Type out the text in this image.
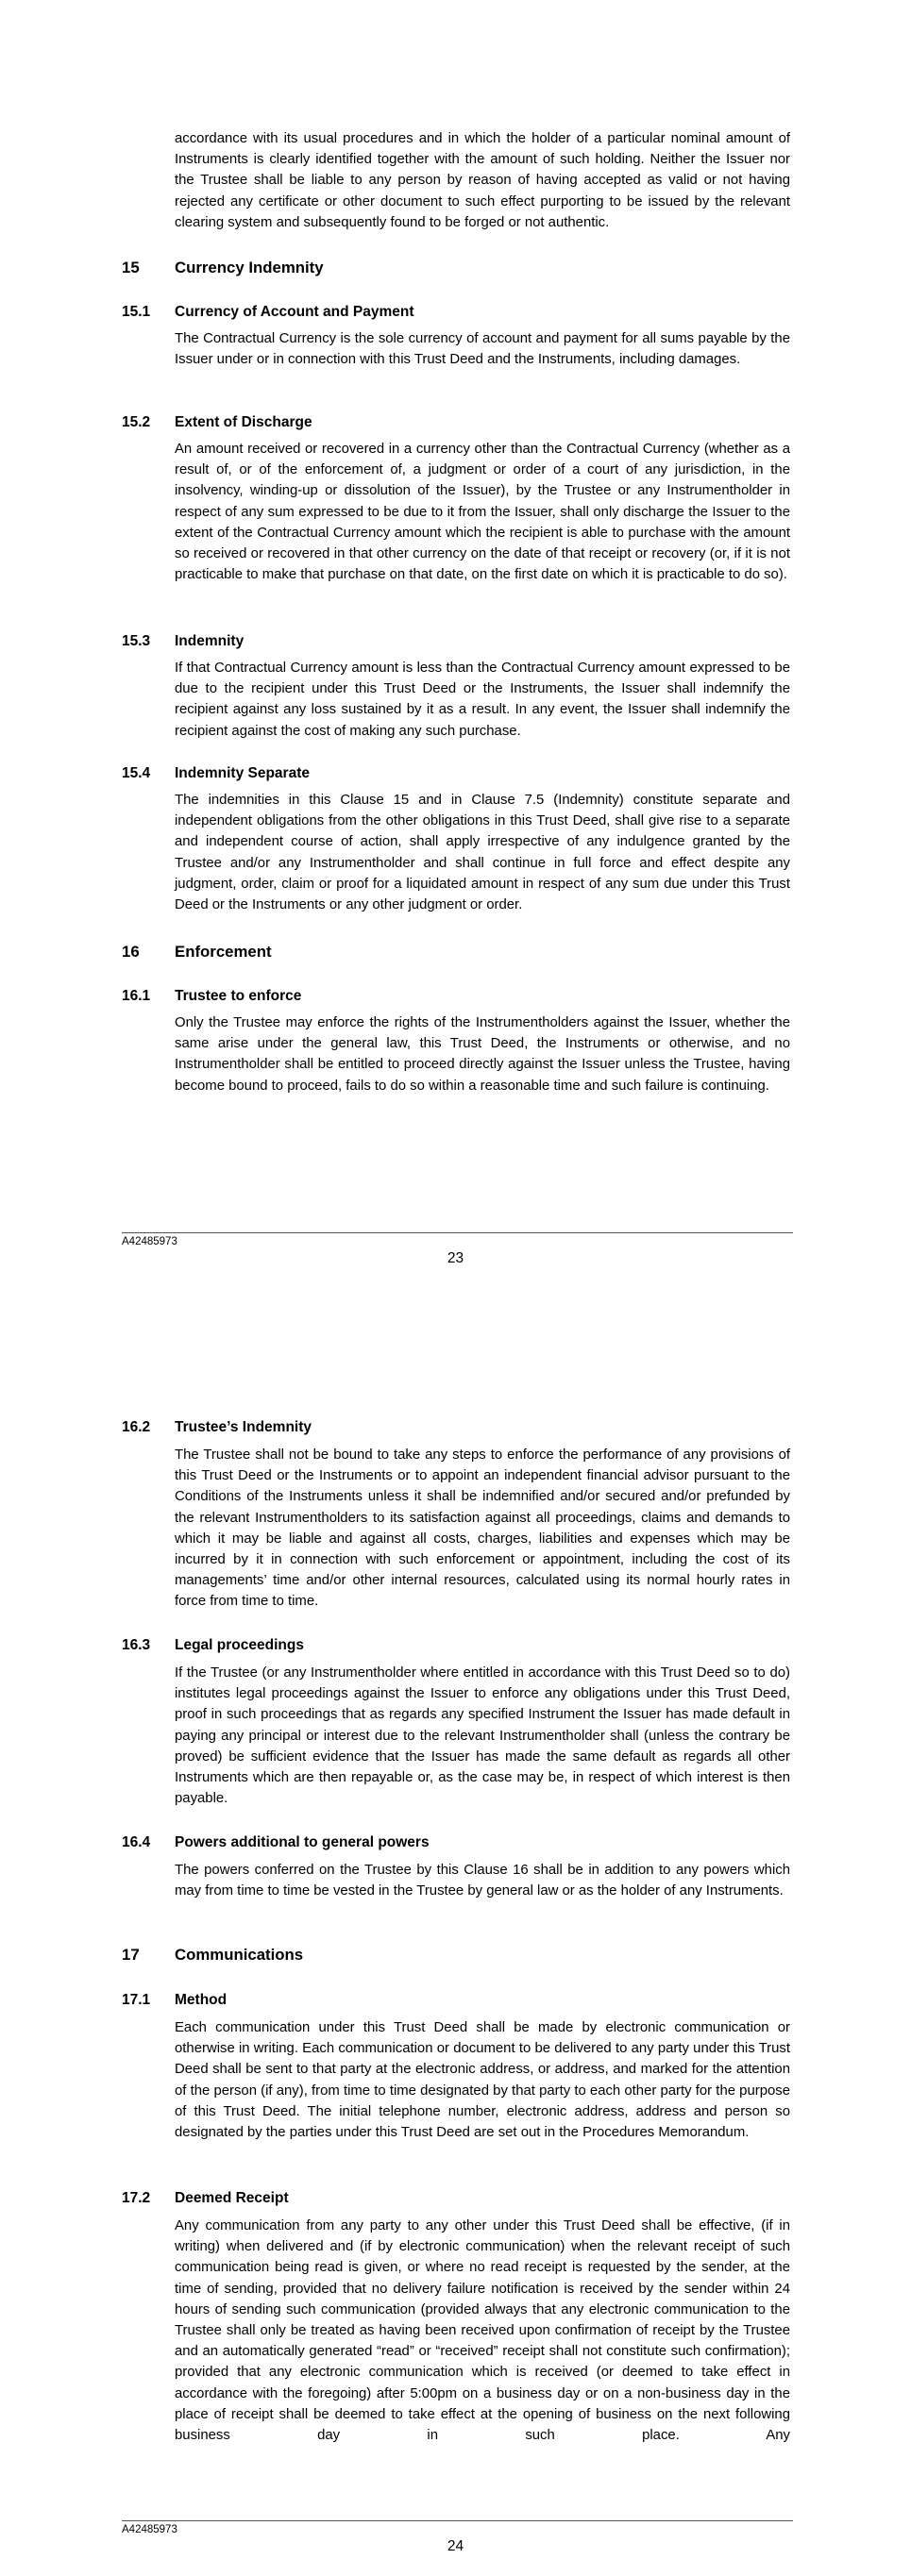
accordance with its usual procedures and in which the holder of a particular nominal amount of Instruments is clearly identified together with the amount of such holding. Neither the Issuer nor the Trustee shall be liable to any person by reason of having accepted as valid or not having rejected any certificate or other document to such effect purporting to be issued by the relevant clearing system and subsequently found to be forged or not authentic.

15 Currency Indemnity
15.1 Currency of Account and Payment

The Contractual Currency is the sole currency of account and payment for all sums payable by the Issuer under or in connection with this Trust Deed and the Instruments, including damages.

15.2 Extent of Discharge

An amount received or recovered in a currency other than the Contractual Currency (whether as a result of, or of the enforcement of, a judgment or order of a court of any jurisdiction, in the insolvency, winding-up or dissolution of the Issuer), by the Trustee or any Instrumentholder in respect of any sum expressed to be due to it from the Issuer, shall only discharge the Issuer to the extent of the Contractual Currency amount which the recipient is able to purchase with the amount so received or recovered in that other currency on the date of that receipt or recovery (or, if it is not practicable to make that purchase on that date, on the first date on which it is practicable to do so).

15.3 Indemnity

If that Contractual Currency amount is less than the Contractual Currency amount expressed to be due to the recipient under this Trust Deed or the Instruments, the Issuer shall indemnify the recipient against any loss sustained by it as a result. In any event, the Issuer shall indemnify the recipient against the cost of making any such purchase.

15.4 Indemnity Separate

The indemnities in this Clause 15 and in Clause 7.5 (Indemnity) constitute separate and independent obligations from the other obligations in this Trust Deed, shall give rise to a separate and independent course of action, shall apply irrespective of any indulgence granted by the Trustee and/or any Instrumentholder and shall continue in full force and effect despite any judgment, order, claim or proof for a liquidated amount in respect of any sum due under this Trust Deed or the Instruments or any other judgment or order.

16 Enforcement
16.1 Trustee to enforce

Only the Trustee may enforce the rights of the Instrumentholders against the Issuer, whether the same arise under the general law, this Trust Deed, the Instruments or otherwise, and no Instrumentholder shall be entitled to proceed directly against the Issuer unless the Trustee, having become bound to proceed, fails to do so within a reasonable time and such failure is continuing.

A42485973
23
16.2 Trustee’s Indemnity

The Trustee shall not be bound to take any steps to enforce the performance of any provisions of this Trust Deed or the Instruments or to appoint an independent financial advisor pursuant to the Conditions of the Instruments unless it shall be indemnified and/or secured and/or prefunded by the relevant Instrumentholders to its satisfaction against all proceedings, claims and demands to which it may be liable and against all costs, charges, liabilities and expenses which may be incurred by it in connection with such enforcement or appointment, including the cost of its managements’ time and/or other internal resources, calculated using its normal hourly rates in force from time to time.

16.3 Legal proceedings

If the Trustee (or any Instrumentholder where entitled in accordance with this Trust Deed so to do) institutes legal proceedings against the Issuer to enforce any obligations under this Trust Deed, proof in such proceedings that as regards any specified Instrument the Issuer has made default in paying any principal or interest due to the relevant Instrumentholder shall (unless the contrary be proved) be sufficient evidence that the Issuer has made the same default as regards all other Instruments which are then repayable or, as the case may be, in respect of which interest is then payable.

16.4 Powers additional to general powers

The powers conferred on the Trustee by this Clause 16 shall be in addition to any powers which may from time to time be vested in the Trustee by general law or as the holder of any Instruments.

17 Communications
17.1 Method

Each communication under this Trust Deed shall be made by electronic communication or otherwise in writing. Each communication or document to be delivered to any party under this Trust Deed shall be sent to that party at the electronic address, or address, and marked for the attention of the person (if any), from time to time designated by that party to each other party for the purpose of this Trust Deed. The initial telephone number, electronic address, address and person so designated by the parties under this Trust Deed are set out in the Procedures Memorandum.

17.2 Deemed Receipt

Any communication from any party to any other under this Trust Deed shall be effective, (if in writing) when delivered and (if by electronic communication) when the relevant receipt of such communication being read is given, or where no read receipt is requested by the sender, at the time of sending, provided that no delivery failure notification is received by the sender within 24 hours of sending such communication (provided always that any electronic communication to the Trustee shall only be treated as having been received upon confirmation of receipt by the Trustee and an automatically generated “read” or “received” receipt shall not constitute such confirmation); provided that any electronic communication which is received (or deemed to take effect in accordance with the foregoing) after 5:00pm on a business day or on a non-business day in the place of receipt shall be deemed to take effect at the opening of business on the next following business day in such place. Any

A42485973
24
